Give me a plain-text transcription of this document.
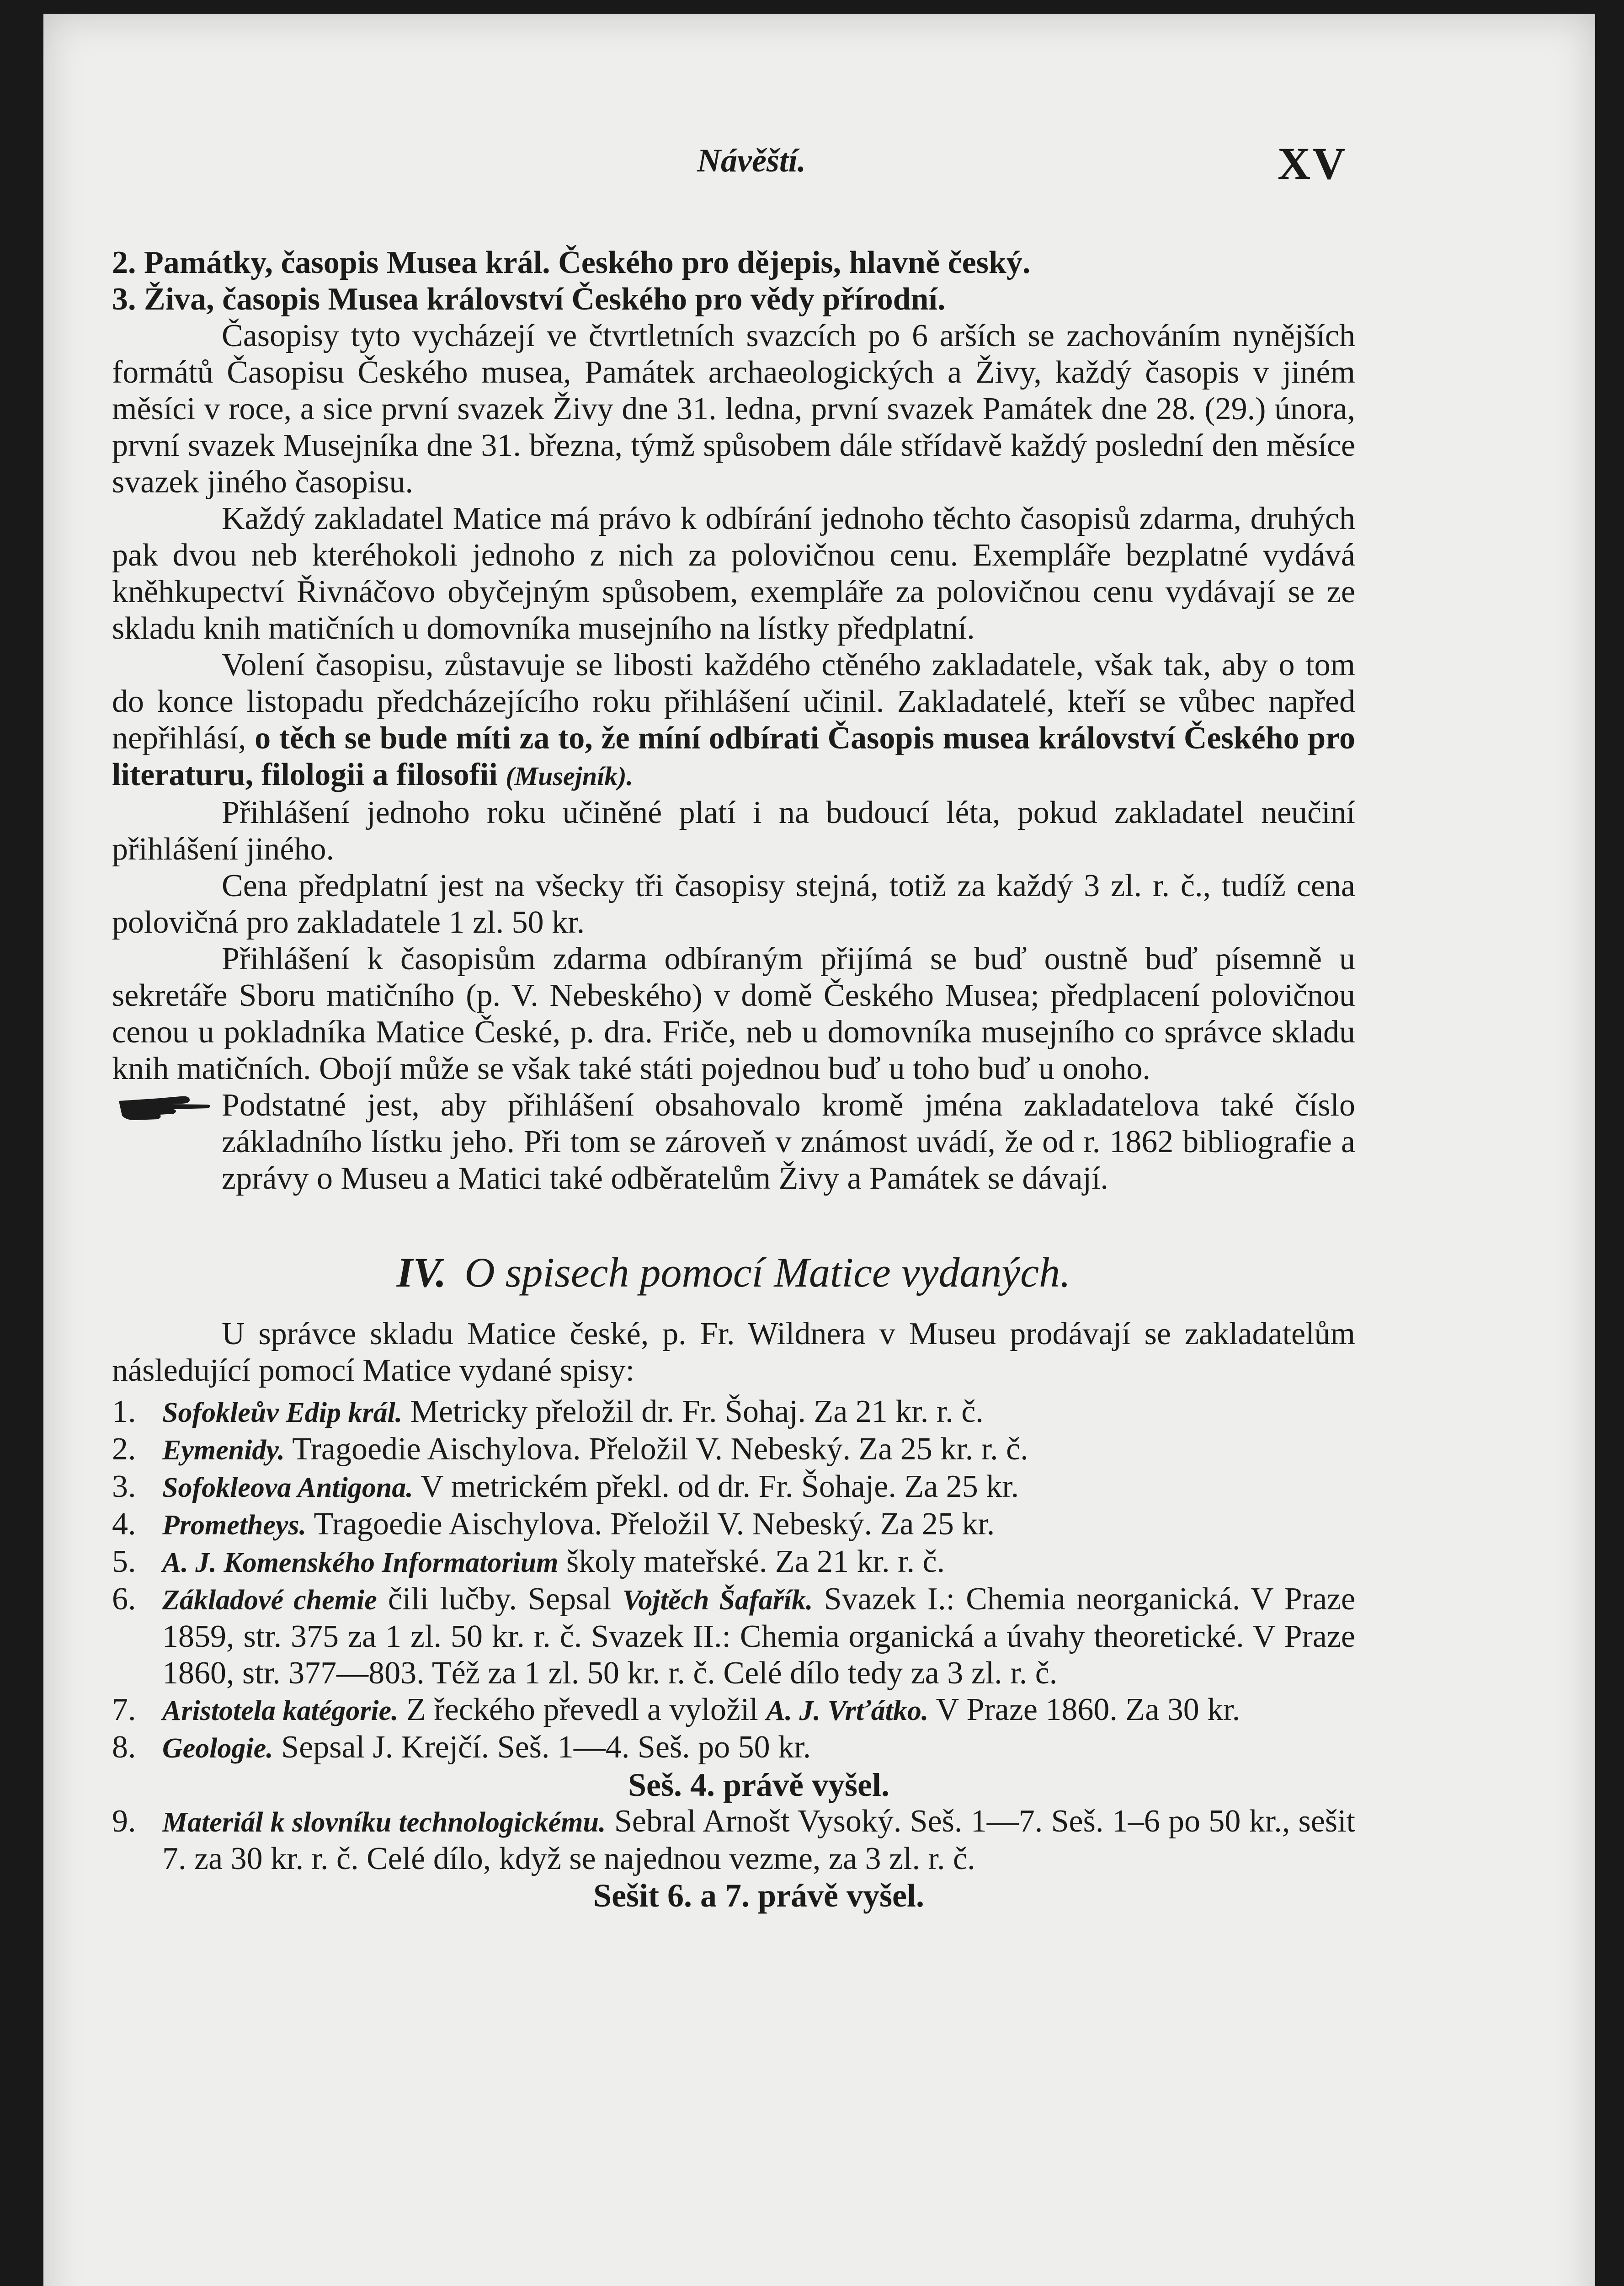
Návěští.	XV

2. Památky, časopis Musea král. Českého pro dějepis, hlavně český.

3. Živa, časopis Musea království Českého pro vědy přírodní.

Časopisy tyto vycházejí ve čtvrtletních svazcích po 6 arších se zachováním nynějších formátů Časopisu Českého musea, Památek archaeologických a Živy, každý časopis v jiném měsíci v roce, a sice první svazek Živy dne 31. ledna, první svazek Památek dne 28. (29.) února, první svazek Musejníka dne 31. března, týmž spůsobem dále střídavě každý poslední den měsíce svazek jiného časopisu.

Každý zakladatel Matice má právo k odbírání jednoho těchto časopisů zdarma, druhých pak dvou neb kteréhokoli jednoho z nich za polovičnou cenu. Exempláře bezplatné vydává kněhkupectví Řivnáčovo obyčejným spůsobem, exempláře za polovičnou cenu vydávají se ze skladu knih matičních u domovníka musejního na lístky předplatní.

Volení časopisu, zůstavuje se libosti každého ctěného zakladatele, však tak, aby o tom do konce listopadu předcházejícího roku přihlášení učinil. Zakladatelé, kteří se vůbec napřed nepřihlásí, o těch se bude míti za to, že míní odbírati Časopis musea království Českého pro literaturu, filologii a filosofii (Musejník).

Přihlášení jednoho roku učiněné platí i na budoucí léta, pokud zakladatel neučiní přihlášení jiného.

Cena předplatní jest na všecky tři časopisy stejná, totiž za každý 3 zl. r. č., tudíž cena polovičná pro zakladatele 1 zl. 50 kr.

Přihlášení k časopisům zdarma odbíraným přijímá se buď oustně buď písemně u sekretáře Sboru matičního (p. V. Nebeského) v domě Českého Musea; předplacení polovičnou cenou u pokladníka Matice České, p. dra. Friče, neb u domovníka musejního co správce skladu knih matičních. Obojí může se však také státi pojednou buď u toho buď u onoho.

Podstatné jest, aby přihlášení obsahovalo kromě jména zakladatelova také číslo základního lístku jeho. Při tom se zároveň v známost uvádí, že od r. 1862 bibliografie a zprávy o Museu a Matici také odběratelům Živy a Památek se dávají.

IV. O spisech pomocí Matice vydaných.

U správce skladu Matice české, p. Fr. Wildnera v Museu prodávají se zakladatelům následující pomocí Matice vydané spisy:

1. Sofokleův Edip král. Metricky přeložil dr. Fr. Šohaj. Za 21 kr. r. č.

2. Eymenidy. Tragoedie Aischylova. Přeložil V. Nebeský. Za 25 kr. r. č.

3. Sofokleova Antigona. V metrickém překl. od dr. Fr. Šohaje. Za 25 kr.

4. Prometheys. Tragoedie Aischylova. Přeložil V. Nebeský. Za 25 kr.

5. A. J. Komenského Informatorium školy mateřské. Za 21 kr. r. č.

6. Základové chemie čili lučby. Sepsal Vojtěch Šafařík. Svazek I.: Chemia neorganická. V Praze 1859, str. 375 za 1 zl. 50 kr. r. č. Svazek II.: Chemia organická a úvahy theoretické. V Praze 1860, str. 377—803. Též za 1 zl. 50 kr. r. č. Celé dílo tedy za 3 zl. r. č.

7. Aristotela katégorie. Z řeckého převedl a vyložil A. J. Vrťátko. V Praze 1860. Za 30 kr.

8. Geologie. Sepsal J. Krejčí. Seš. 1—4. Seš. po 50 kr.

Seš. 4. právě vyšel.

9. Materiál k slovníku technologickému. Sebral Arnošt Vysoký. Seš. 1—7. Seš. 1–6 po 50 kr., sešit 7. za 30 kr. r. č. Celé dílo, když se najednou vezme, za 3 zl. r. č.

Sešit 6. a 7. právě vyšel.
